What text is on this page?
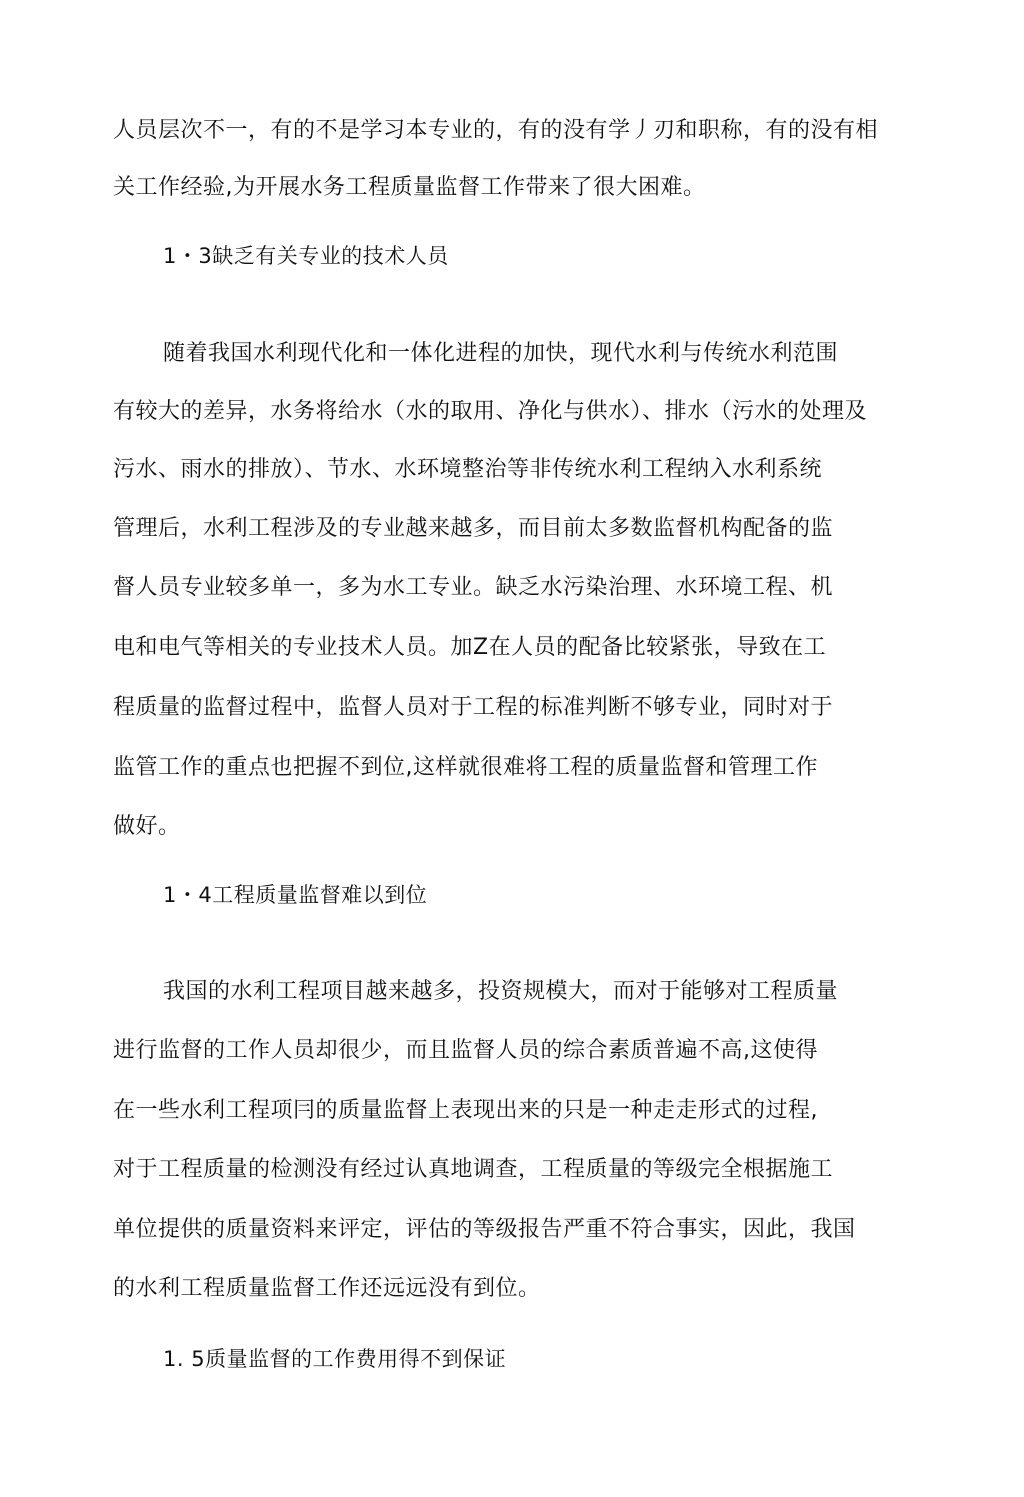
人员层次不一，有的不是学习本专业的，有的没有学丿刃和职称，有的没有相
关工作经验,为开展水务工程质量监督工作带来了很大困难。
1・3缺乏有关专业的技术人员
随着我国水利现代化和一体化进程的加快，现代水利与传统水利范围
有较大的差异，水务将给水（水的取用、净化与供水）、排水（污水的处理及
污水、雨水的排放）、节水、水环境整治等非传统水利工程纳入水利系统
管理后，水利工程涉及的专业越来越多，而目前太多数监督机构配备的监
督人员专业较多单一，多为水工专业。缺乏水污染治理、水环境工程、机
电和电气等相关的专业技术人员。加Z在人员的配备比较紧张，导致在工
程质量的监督过程中，监督人员对于工程的标准判断不够专业，同时对于
监管工作的重点也把握不到位,这样就很难将工程的质量监督和管理工作
做好。
1・4工程质量监督难以到位
我国的水利工程项目越来越多，投资规模大，而对于能够对工程质量
进行监督的工作人员却很少，而且监督人员的综合素质普遍不高,这使得
在一些水利工程项冃的质量监督上表现出来的只是一种走走形式的过程,
对于工程质量的检测没有经过认真地调查，工程质量的等级完全根据施工
单位提供的质量资料来评定，评估的等级报告严重不符合事实，因此，我国
的水利工程质量监督工作还远远没有到位。
1. 5质量监督的工作费用得不到保证
